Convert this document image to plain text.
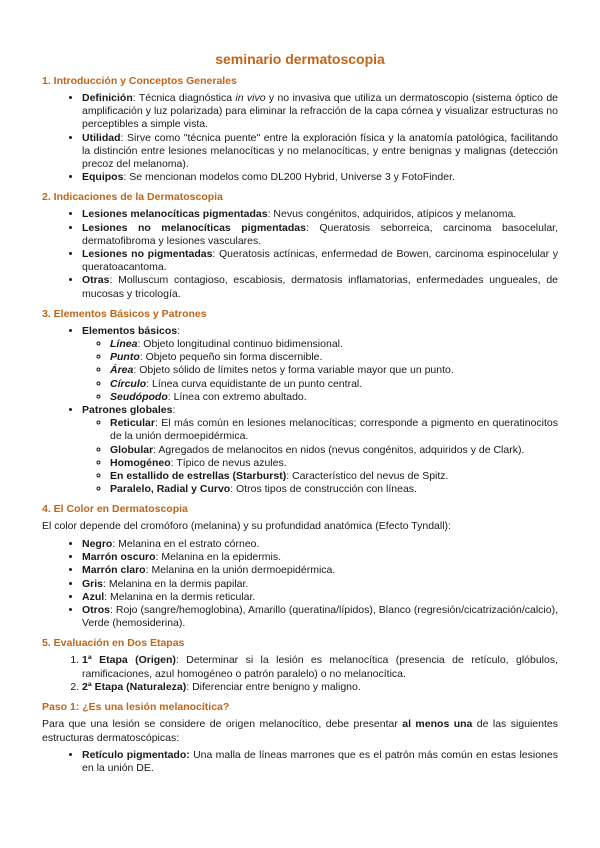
seminario dermatoscopia
1. Introducción y Conceptos Generales
• Definición: Técnica diagnóstica in vivo y no invasiva que utiliza un dermatoscopio (sistema óptico de amplificación y luz polarizada) para eliminar la refracción de la capa córnea y visualizar estructuras no perceptibles a simple vista.
• Utilidad: Sirve como "técnica puente" entre la exploración física y la anatomía patológica, facilitando la distinción entre lesiones melanocíticas y no melanocíticas, y entre benignas y malignas (detección precoz del melanoma).
• Equipos: Se mencionan modelos como DL200 Hybrid, Universe 3 y FotoFinder.
2. Indicaciones de la Dermatoscopia
• Lesiones melanocíticas pigmentadas: Nevus congénitos, adquiridos, atípicos y melanoma.
• Lesiones no melanocíticas pigmentadas: Queratosis seborreica, carcinoma basocelular, dermatofibroma y lesiones vasculares.
• Lesiones no pigmentadas: Queratosis actínicas, enfermedad de Bowen, carcinoma espinocelular y queratoacantoma.
• Otras: Molluscum contagioso, escabiosis, dermatosis inflamatorias, enfermedades ungueales, de mucosas y tricología.
3. Elementos Básicos y Patrones
• Elementos básicos:
◦ Línea: Objeto longitudinal continuo bidimensional.
◦ Punto: Objeto pequeño sin forma discernible.
◦ Área: Objeto sólido de límites netos y forma variable mayor que un punto.
◦ Círculo: Línea curva equidistante de un punto central.
◦ Seudópodo: Línea con extremo abultado.
• Patrones globales:
◦ Reticular: El más común en lesiones melanocíticas; corresponde a pigmento en queratinocitos de la unión dermoepidérmica.
◦ Globular: Agregados de melanocitos en nidos (nevus congénitos, adquiridos y de Clark).
◦ Homogéneo: Típico de nevus azules.
◦ En estallido de estrellas (Starburst): Característico del nevus de Spitz.
◦ Paralelo, Radial y Curvo: Otros tipos de construcción con líneas.
4. El Color en Dermatoscopia

El color depende del cromóforo (melanina) y su profundidad anatómica (Efecto Tyndall):

• Negro: Melanina en el estrato córneo.
• Marrón oscuro: Melanina en la epidermis.
• Marrón claro: Melanina en la unión dermoepidérmica.
• Gris: Melanina en la dermis papilar.
• Azul: Melanina en la dermis reticular.
• Otros: Rojo (sangre/hemoglobina), Amarillo (queratina/lípidos), Blanco (regresión/cicatrización/calcio), Verde (hemosiderina).
5. Evaluación en Dos Etapas
1. 1ª Etapa (Origen): Determinar si la lesión es melanocítica (presencia de retículo, glóbulos, ramificaciones, azul homogéneo o patrón paralelo) o no melanocítica.
2. 2ª Etapa (Naturaleza): Diferenciar entre benigno y maligno.
Paso 1: ¿Es una lesión melanocítica?

Para que una lesión se considere de origen melanocítico, debe presentar al menos una de las siguientes estructuras dermatoscópicas:

• Retículo pigmentado: Una malla de líneas marrones que es el patrón más común en estas lesiones en la unión DE.
